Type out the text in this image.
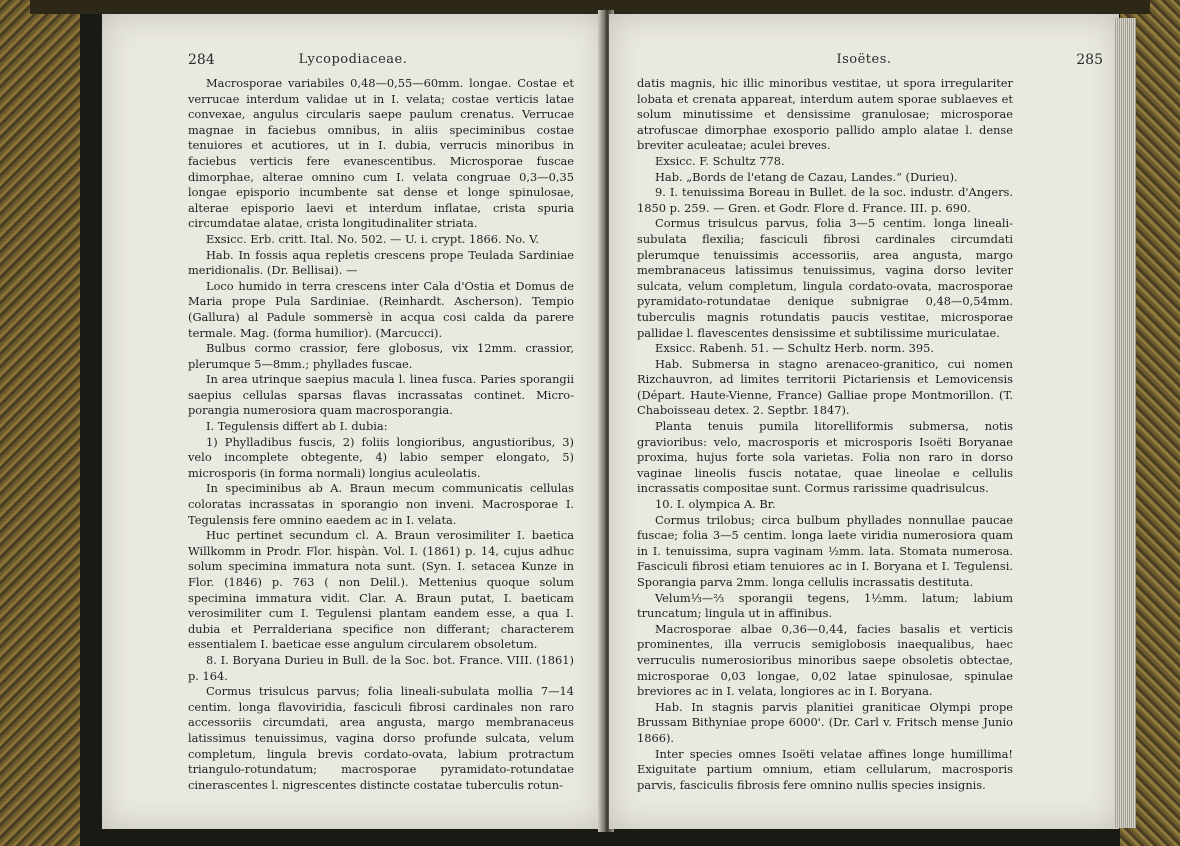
284	Lycopodiaceae.

Macrosporae variabiles 0,48—0,55—60mm. longae. Costae et verrucae interdum validae ut in I. velata; costae verticis latae convexae, angulus circularis saepe paulum crenatus. Verrucae magnae in faciebus omnibus, in aliis speciminibus costae tenuiores et acutiores, ut in I. dubia, verrucis minoribus in faciebus verticis fere evanescentibus. Microsporae fuscae dimorphae, alterae omnino cum I. velata congruae 0,3—0,35 longae episporio incumbente sat dense et longe spinulosae, alterae episporio laevi et interdum inflatae, crista spuria circumdatae alatae, crista longitudinaliter striata.

Exsicc. Erb. critt. Ital. No. 502. — U. i. crypt. 1866. No. V.

Hab. In fossis aqua repletis crescens prope Teulada Sardiniae meridionalis. (Dr. Bellisai). —

Loco humido in terra crescens inter Cala d'Ostia et Domus de Maria prope Pula Sardiniae. (Reinhardt. Ascherson). Tempio (Gallura) al Padule sommersè in acqua cosi calda da parere termale. Mag. (forma humilior). (Marcucci).

Bulbus cormo crassior, fere globosus, vix 12mm. crassior, plerumque 5—8mm.; phyllades fuscae.

In area utrinque saepius macula l. linea fusca. Paries sporangii saepius cellulas sparsas flavas incrassatas continet. Micro-porangia numerosiora quam macrosporangia.

I. Tegulensis differt ab I. dubia:

1) Phylladibus fuscis, 2) foliis longioribus, angustioribus, 3) velo incomplete obtegente, 4) labio semper elongato, 5) microsporis (in forma normali) longius aculeolatis.

In speciminibus ab A. Braun mecum communicatis cellulas coloratas incrassatas in sporangio non inveni. Macrosporae I. Tegulensis fere omnino eaedem ac in I. velata.

Huc pertinet secundum cl. A. Braun verosimiliter I. baetica Willkomm in Prodr. Flor. hispàn. Vol. I. (1861) p. 14, cujus adhuc solum specimina immatura nota sunt. (Syn. I. setacea Kunze in Flor. (1846) p. 763 ( non Delil.). Mettenius quoque solum specimina immatura vidit. Clar. A. Braun putat, I. baeticam verosimiliter cum I. Tegulensi plantam eandem esse, a qua I. dubia et Perralderiana specifice non differant; characterem essentialem I. baeticae esse angulum circularem obsoletum.

8. I. Boryana Durieu in Bull. de la Soc. bot. France. VIII. (1861) p. 164.

Cormus trisulcus parvus; folia lineali-subulata mollia 7—14 centim. longa flavoviridia, fasciculi fibrosi cardinales non raro accessoriis circumdati, area angusta, margo membranaceus latissimus tenuissimus, vagina dorso profunde sulcata, velum completum, lingula brevis cordato-ovata, labium protractum triangulo-rotundatum; macrosporae pyramidato-rotundatae cinerascentes l. nigrescentes distincte costatae tuberculis rotun-

Isoëtes.	285

datis magnis, hic illic minoribus vestitae, ut spora irregulariter lobata et crenata appareat, interdum autem sporae sublaeves et solum minutissime et densissime granulosae; microsporae atrofuscae dimorphae exosporio pallido amplo alatae l. dense breviter aculeatae; aculei breves.

Exsicc. F. Schultz 778.

Hab. „Bords de l'etang de Cazau, Landes.“ (Durieu).

9. I. tenuissima Boreau in Bullet. de la soc. industr. d'Angers. 1850 p. 259. — Gren. et Godr. Flore d. France. III. p. 690.

Cormus trisulcus parvus, folia 3—5 centim. longa lineali-subulata flexilia; fasciculi fibrosi cardinales circumdati plerumque tenuissimis accessoriis, area angusta, margo membranaceus latissimus tenuissimus, vagina dorso leviter sulcata, velum completum, lingula cordato-ovata, macrosporae pyramidato-rotundatae denique subnigrae 0,48—0,54mm. tuberculis magnis rotundatis paucis vestitae, microsporae pallidae l. flavescentes densissime et subtilissime muriculatae.

Exsicc. Rabenh. 51. — Schultz Herb. norm. 395.

Hab. Submersa in stagno arenaceo-granitico, cui nomen Rizchauvron, ad limites territorii Pictariensis et Lemovicensis (Départ. Haute-Vienne, France) Galliae prope Montmorillon. (T. Chaboisseau detex. 2. Septbr. 1847).

Planta tenuis pumila litorelliformis submersa, notis gravioribus: velo, macrosporis et microsporis Isoëti Boryanae proxima, hujus forte sola varietas. Folia non raro in dorso vaginae lineolis fuscis notatae, quae lineolae e cellulis incrassatis compositae sunt. Cormus rarissime quadrisulcus.

10. I. olympica A. Br.

Cormus trilobus; circa bulbum phyllades nonnullae paucae fuscae; folia 3—5 centim. longa laete viridia numerosiora quam in I. tenuissima, supra vaginam ½mm. lata. Stomata numerosa. Fasciculi fibrosi etiam tenuiores ac in I. Boryana et I. Tegulensi. Sporangia parva 2mm. longa cellulis incrassatis destituta.

Velum⅓—⅔ sporangii tegens, 1½mm. latum; labium truncatum; lingula ut in affinibus.

Macrosporae albae 0,36—0,44, facies basalis et verticis prominentes, illa verrucis semiglobosis inaequalibus, haec verruculis numerosioribus minoribus saepe obsoletis obtectae, microsporae 0,03 longae, 0,02 latae spinulosae, spinulae breviores ac in I. velata, longiores ac in I. Boryana.

Hab. In stagnis parvis planitiei graniticae Olympi prope Brussam Bithyniae prope 6000'. (Dr. Carl v. Fritsch mense Junio 1866).

Inter species omnes Isoëti velatae affines longe humillima! Exiguitate partium omnium, etiam cellularum, macrosporis parvis, fasciculis fibrosis fere omnino nullis species insignis.
